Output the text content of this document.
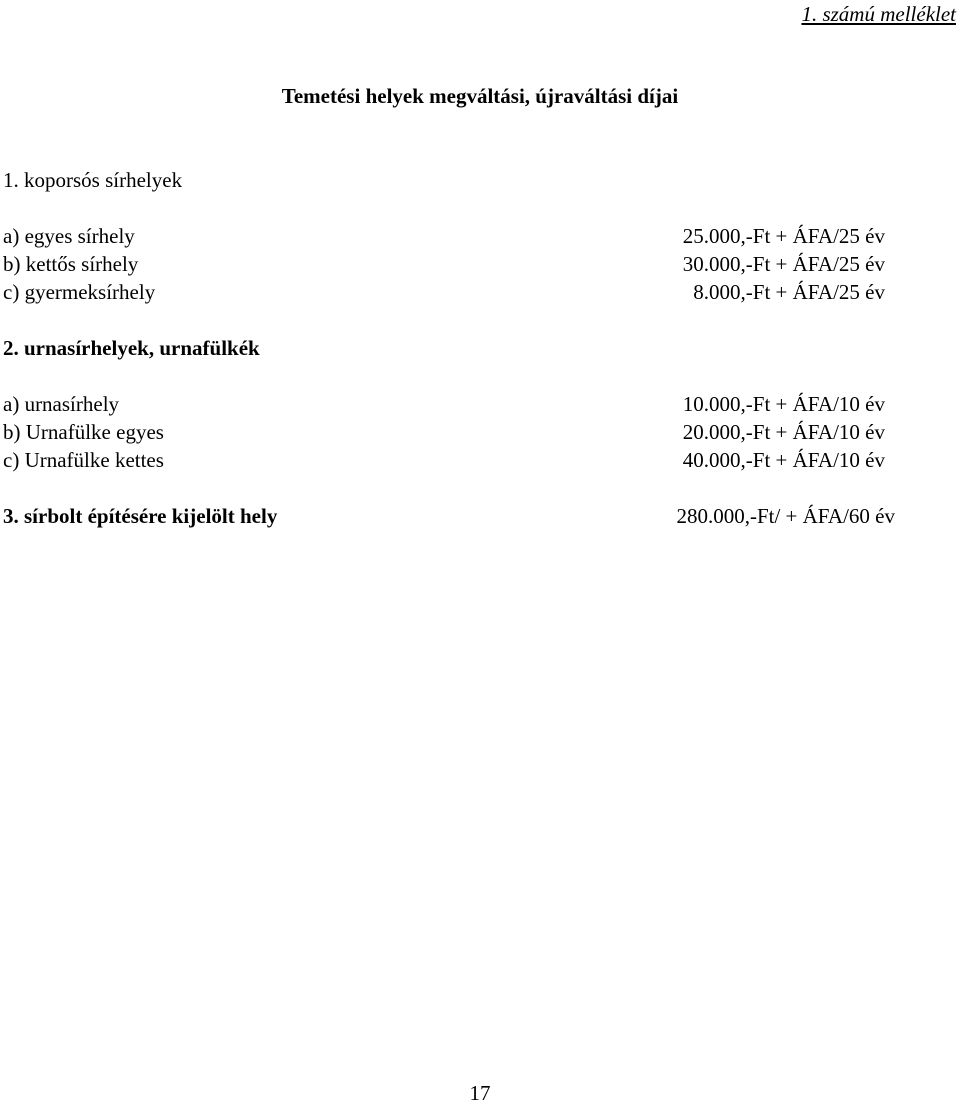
1. számú melléklet
Temetési helyek megváltási, újraváltási díjai
1. koporsós sírhelyek
a) egyes sírhely	25.000,-Ft + ÁFA/25 év
b) kettős sírhely	30.000,-Ft + ÁFA/25 év
c) gyermeksírhely	8.000,-Ft + ÁFA/25 év
2. urnasírhelyek, urnafülkék
a) urnasírhely	10.000,-Ft + ÁFA/10 év
b) Urnafülke egyes	20.000,-Ft + ÁFA/10 év
c) Urnafülke kettes	40.000,-Ft + ÁFA/10 év
3. sírbolt építésére kijelölt hely	280.000,-Ft/ + ÁFA/60 év
17
